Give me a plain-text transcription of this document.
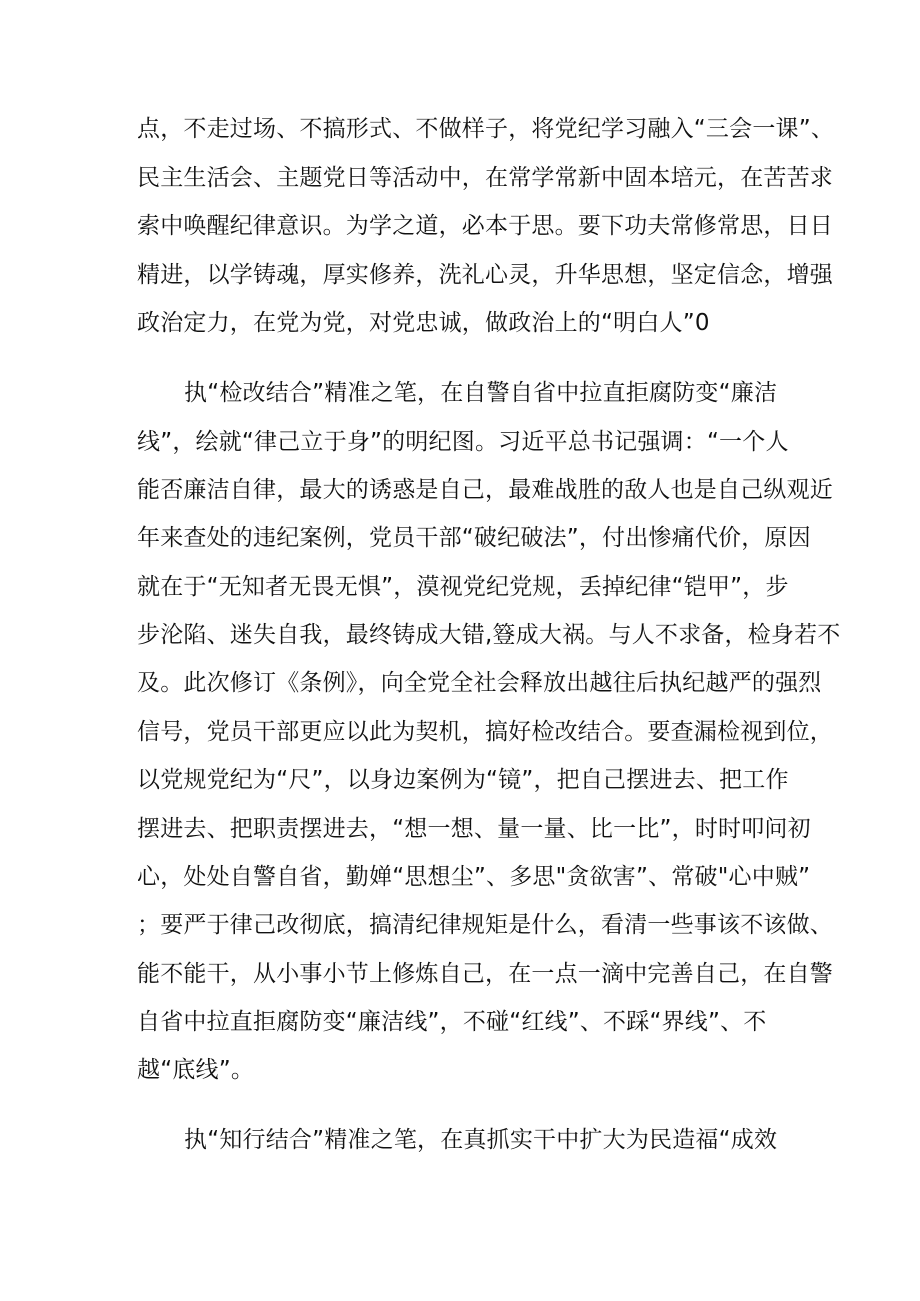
点，不走过场、不搞形式、不做样子，将党纪学习融入“三会一课”、
民主生活会、主题党日等活动中，在常学常新中固本培元，在苦苦求
索中唤醒纪律意识。为学之道，必本于思。要下功夫常修常思，日日
精进，以学铸魂，厚实修养，洗礼心灵，升华思想，坚定信念，增强
政治定力，在党为党，对党忠诚，做政治上的“明白人”0
执“检改结合”精准之笔，在自警自省中拉直拒腐防变“廉洁
线”，绘就“律己立于身”的明纪图。习近平总书记强调：“一个人
能否廉洁自律，最大的诱惑是自己，最难战胜的敌人也是自己纵观近
年来查处的违纪案例，党员干部“破纪破法”，付出惨痛代价，原因
就在于“无知者无畏无惧”，漠视党纪党规，丢掉纪律“铠甲”，步
步沦陷、迷失自我，最终铸成大错,簦成大祸。与人不求备，检身若不
及。此次修订《条例》，向全党全社会释放出越往后执纪越严的强烈
信号，党员干部更应以此为契机，搞好检改结合。要查漏检视到位，
以党规党纪为“尺”，以身边案例为“镜”，把自己摆进去、把工作
摆进去、把职责摆进去，“想一想、量一量、比一比”，时时叩问初
心，处处自警自省，勤婵“思想尘”、多思"贪欲害”、常破"心中贼”
；要严于律己改彻底，搞清纪律规矩是什么，看清一些事该不该做、
能不能干，从小事小节上修炼自己，在一点一滴中完善自己，在自警
自省中拉直拒腐防变“廉洁线”，不碰“红线”、不踩“界线”、不
越“底线”。
执“知行结合”精准之笔，在真抓实干中扩大为民造福“成效
